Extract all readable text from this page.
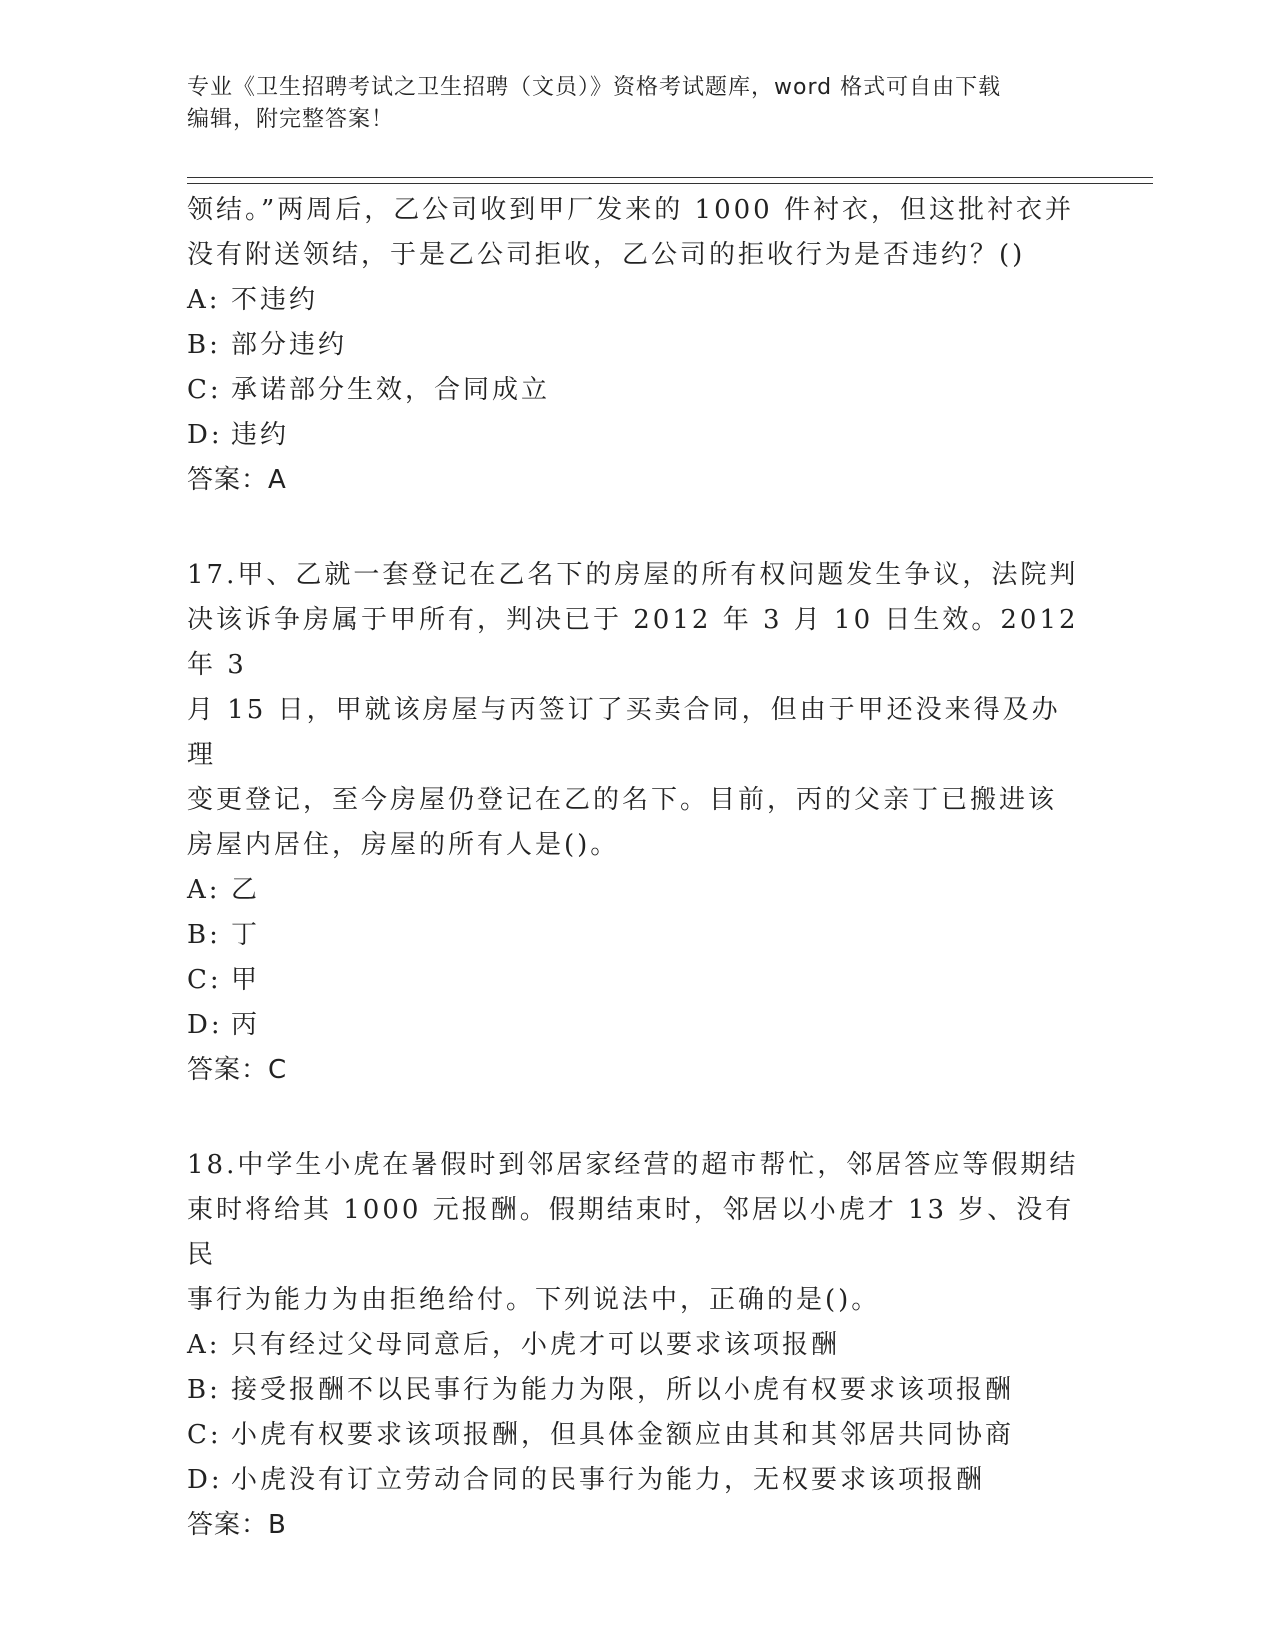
专业《卫生招聘考试之卫生招聘（文员）》资格考试题库，word 格式可自由下载
编辑，附完整答案！
领结。”两周后，乙公司收到甲厂发来的 1000 件衬衣，但这批衬衣并
没有附送领结，于是乙公司拒收，乙公司的拒收行为是否违约？()
A: 不违约
B: 部分违约
C: 承诺部分生效，合同成立
D: 违约
答案：A
17.甲、乙就一套登记在乙名下的房屋的所有权问题发生争议，法院判
决该诉争房属于甲所有，判决已于 2012 年 3 月 10 日生效。2012 年 3
月 15 日，甲就该房屋与丙签订了买卖合同，但由于甲还没来得及办理
变更登记，至今房屋仍登记在乙的名下。目前，丙的父亲丁已搬进该
房屋内居住，房屋的所有人是()。
A: 乙
B: 丁
C: 甲
D: 丙
答案：C
18.中学生小虎在暑假时到邻居家经营的超市帮忙，邻居答应等假期结
束时将给其 1000 元报酬。假期结束时，邻居以小虎才 13 岁、没有民
事行为能力为由拒绝给付。下列说法中，正确的是()。
A: 只有经过父母同意后，小虎才可以要求该项报酬
B: 接受报酬不以民事行为能力为限，所以小虎有权要求该项报酬
C: 小虎有权要求该项报酬，但具体金额应由其和其邻居共同协商
D: 小虎没有订立劳动合同的民事行为能力，无权要求该项报酬
答案：B
